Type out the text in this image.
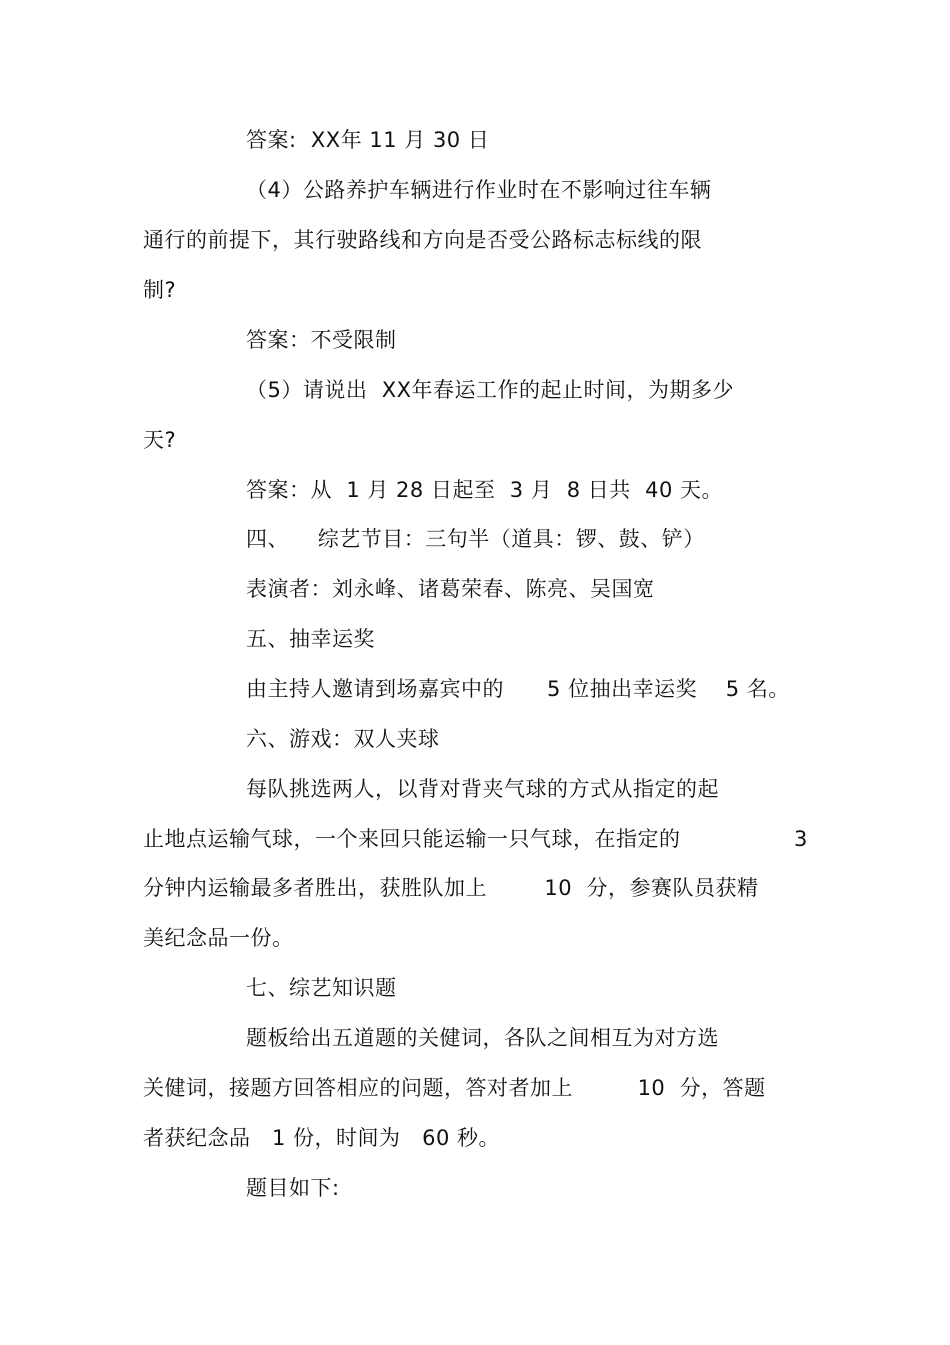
答案:  XX年 11 月 30 日
（4）公路养护车辆进行作业时在不影响过往车辆
通行的前提下，其行驶路线和方向是否受公路标志标线的限
制?
答案：不受限制
（5）请说出  XX年春运工作的起止时间，为期多少
天?
答案：从  1 月 28 日起至  3 月  8 日共  40 天。
四、    综艺节目：三句半（道具：锣、鼓、铲）
表演者：刘永峰、诸葛荣春、陈亮、吴国宽
五、抽幸运奖
由主持人邀请到场嘉宾中的      5 位抽出幸运奖    5 名。
六、游戏：双人夹球
每队挑选两人，以背对背夹气球的方式从指定的起
止地点运输气球，一个来回只能运输一只气球，在指定的	3
分钟内运输最多者胜出，获胜队加上        10  分，参赛队员获精
美纪念品一份。
七、综艺知识题
题板给出五道题的关健词，各队之间相互为对方选
关健词，接题方回答相应的问题，答对者加上         10  分，答题
者获纪念品   1 份，时间为   60 秒。
题目如下:
